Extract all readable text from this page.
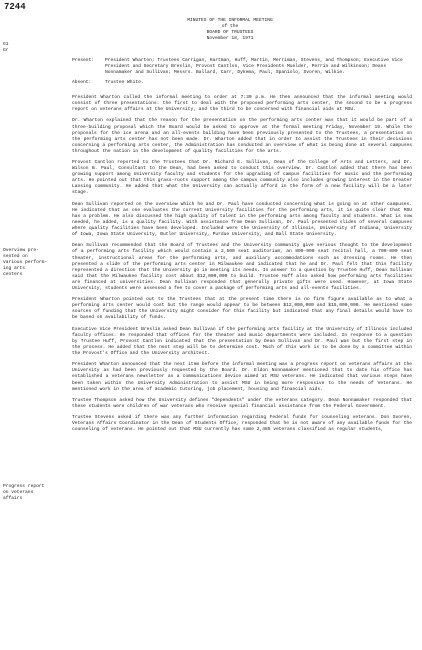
7244
G1
Gr
MINUTES OF THE INFORMAL MEETING
of the
BOARD OF TRUSTEES
November 18, 1971
Present:	President Wharton; Trustees Carrigan, Hartman, Huff, Martin, Merriman, Stevens, and Thompson; Executive Vice President and Secretary Breslin, Provost Cantlon, Vice Presidents Muelder, Perrin and Wilkinson; Deans Nonnamaker and Sullivan; Messrs. Ballard, Carr, Dykema, Paul, Spaniolo, Svoren, Wilkie.
Absent:	Trustee White.
Overview pre-
sented on
various perform-
ing arts
centers
Progress report
on veterans
affairs

President Wharton called the informal meeting to order at 7:30 p.m. He then announced that the informal meeting would consist of three presentations: the first to deal with the proposed performing arts center, the second to be a progress report on veterans affairs at the University, and the third to be concerned with financial aids at MSU.

Dr. Wharton explained that the reason for the presentation on the performing arts center was that it would be part of a three-building proposal which the Board would be asked to approve at the formal meeting Friday, November 19. While the proposals for the ice arena and an all-events building have been previously presented to the Trustees, a presentation on the performing arts center has not been made. Dr. Wharton added that in order to assist the Trustees in their decisions concerning a performing arts center, the Administration has conducted an overview of what is being done at several campuses throughout the nation in the development of quality facilities for the arts.

Provost Cantlon reported to the Trustees that Dr. Richard E. Sullivan, Dean of the College of Arts and Letters, and Dr. Wilson B. Paul, Consultant to the Dean, had been asked to conduct this overview. Dr. Cantlon added that there has been growing support among University faculty and students for the upgrading of campus facilities for music and the performing arts. He pointed out that this grass-roots support among the campus community also includes growing interest in the Greater Lansing community. He added that what the University can actually afford in the form of a new facility will be a later stage.

Dean Sullivan reported on the overview which he and Dr. Paul have conducted concerning what is going on at other campuses. He indicated that as one evaluates the current University facilities for the performing arts, it is quite clear that MSU has a problem. He also discussed the high quality of talent in the performing arts among faculty and students. What is now needed, he added, is a quality facility. With assistance from Dean Sullivan, Dr. Paul presented slides of several campuses where quality facilities have been developed. Included were the University of Illinois, University of Indiana, University of Iowa, Iowa State University, Butler University, Purdue University, and Ball State University.

Dean Sullivan recommended that the Board of Trustees and the University community give serious thought to the development of a performing arts facility which would contain a 2,500 seat auditorium, an 800-900 seat recital hall, a 700-800 seat theater, instructional areas for the performing arts, and auxiliary accommodations such as dressing rooms. He then presented a slide of the performing arts center in Milwaukee and indicated that he and Dr. Paul felt that this facility represented a direction that the University go in meeting its needs. In answer to a question by Trustee Huff, Dean Sullivan said that the Milwaukee facility cost about $12,000,000 to build. Trustee Huff also asked how performing arts facilities are financed at universities. Dean Sullivan responded that generally private gifts were used. However, at Iowa State University, students were assessed a fee to cover a package of performing arts and all-events facilities.

President Wharton pointed out to the Trustees that at the present time there is no firm figure available as to what a performing arts center would cost but the range would appear to be between $12,000,000 and $15,000,000. He mentioned some sources of funding that the University might consider for this facility but indicated that any final details would have to be based on availability of funds.

Executive Vice President Breslin asked Dean Sullivan if the performing arts facility at the University of Illinois included faculty offices. He responded that offices for the theater and music departments were included. In response to a question by Trustee Huff, Provost Cantlon indicated that the presentation by Dean Sullivan and Dr. Paul was but the first step in the process. He added that the next step will be to determine cost. Much of this work is to be done by a committee within the Provost's Office and the University architect.

President Wharton announced that the next item before the informal meeting was a progress report on veterans affairs at the University as had been previously requested by the Board. Dr. Eldon Nonnamaker mentioned that to date his office has established a veterans newsletter as a communications device aimed at MSU veterans. He indicated that various steps have been taken within the University Administration to assist MSU in being more responsive to the needs of Veterans. He mentioned work in the area of academic tutoring, job placement, housing and financial aids.

Trustee Thompson asked how the University defines "dependents" under the veterans category. Dean Nonnamaker responded that these students were children of war veterans who receive special financial assistance from the Federal Government.

Trustee Stevens asked if there was any further information regarding Federal funds for counseling veterans. Don Svoren, Veterans Affairs Coordinator in the Dean of Students Office, responded that he is not aware of any available funds for the counseling of veterans. He pointed out that MSU currently has some 2,485 veterans classified as regular students,
